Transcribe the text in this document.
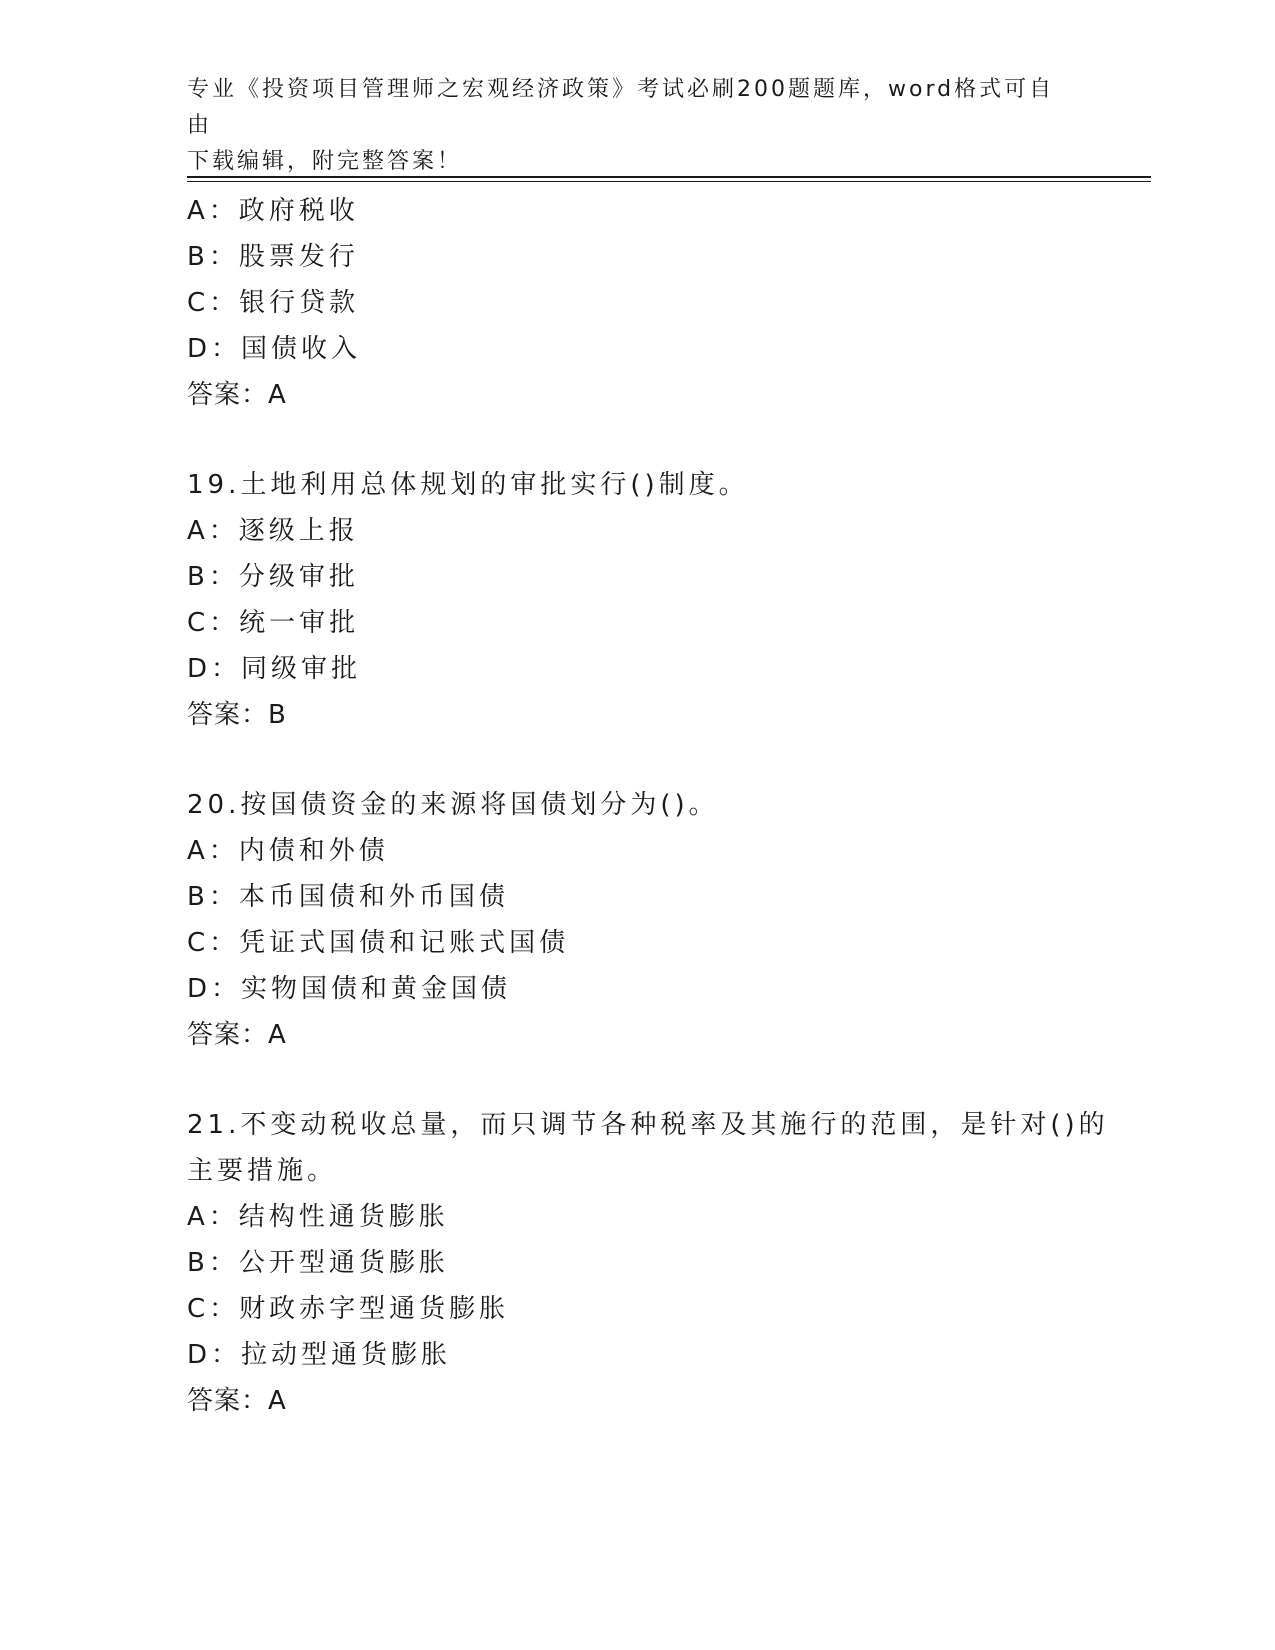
专业《投资项目管理师之宏观经济政策》考试必刷200题题库，word格式可自由
下载编辑，附完整答案！
A：政府税收
B：股票发行
C：银行贷款
D：国债收入
答案：A
19.土地利用总体规划的审批实行()制度。
A：逐级上报
B：分级审批
C：统一审批
D：同级审批
答案：B
20.按国债资金的来源将国债划分为()。
A：内债和外债
B：本币国债和外币国债
C：凭证式国债和记账式国债
D：实物国债和黄金国债
答案：A
21.不变动税收总量，而只调节各种税率及其施行的范围，是针对()的
主要措施。
A：结构性通货膨胀
B：公开型通货膨胀
C：财政赤字型通货膨胀
D：拉动型通货膨胀
答案：A
